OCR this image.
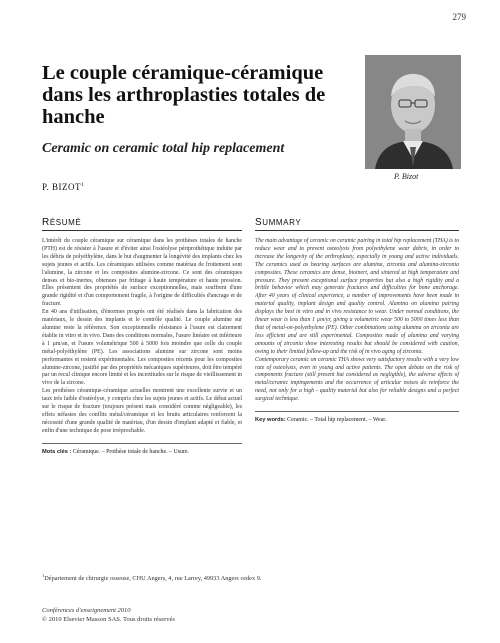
279
Le couple céramique-céramique dans les arthroplasties totales de hanche
Ceramic on ceramic total hip replacement
P. Bizot
P. BIZOT$^1$
RÉSUMÉ

L'intérêt du couple céramique sur céramique dans les prothèses totales de hanche (PTH) est de résister à l'usure et d'éviter ainsi l'ostéolyse périprothétique induite par les débris de polyéthylène, dans le but d'augmenter la longévité des implants chez les sujets jeunes et actifs. Les céramiques utilisées comme matériau de frottement sont l'alumine, la zircone et les composites alumine-zircone. Ce sont des céramiques denses et bio-inertes, obtenues par frittage à haute température et haute pression. Elles présentent des propriétés de surface exceptionnelles, mais souffrent d'une grande rigidité et d'un comportement fragile, à l'origine de difficultés d'ancrage et de fracture.

En 40 ans d'utilisation, d'énormes progrès ont été réalisés dans la fabrication des matériaux, le dessin des implants et le contrôle qualité. Le couple alumine sur alumine reste la référence. Son exceptionnelle résistance à l'usure est clairement établie in vitro et in vivo. Dans des conditions normales, l'usure linéaire est inférieure à 1 µm/an, et l'usure volumétrique 500 à 5000 fois moindre que celle du couple métal-polyéthylène (PE). Les associations alumine sur zircone sont moins performantes et restent expérimentales. Les composites récents pour les composites alumine-zircone, justifié par des propriétés mécaniques supérieures, doit être tempéré par un recul clinique encore limité et les incertitudes sur le risque de vieillissement in vivo de la zircone.

Les prothèses céramique-céramique actuelles montrent une excellente survie et un taux très faible d'ostéolyse, y compris chez les sujets jeunes et actifs. Le débat actuel sur le risque de fracture (toujours présent mais considéré comme négligeable), les effets néfastes des conflits métal/céramique et les bruits articulaires renforcent la nécessité d'une grande qualité de matériau, d'un dessin d'implant adapté et fiable, et enfin d'une technique de pose irréprochable.

Mots clés : Céramique. – Prothèse totale de hanche. – Usure.
SUMMARY

The main advantage of ceramic on ceramic pairing in total hip replacement (THA) is to reduce wear and to prevent osteolysis from polyethylene wear debris, in order to increase the longevity of the arthroplasty, especially in young and active individuals. The ceramics used as bearing surfaces are alumina, zirconia and alumina-zirconia composites. These ceramics are dense, bioinert, and sintered at high temperature and pressure. They present exceptional surface properties but also a high rigidity and a brittle behavior which may generate fractures and difficulties for bone anchorage. After 40 years of clinical experience, a number of improvements have been made in material quality, implant design and quality control. Alumina on alumina pairing displays the best in vitro and in vivo resistance to wear. Under normal conditions, the linear wear is less than 1 µm/yr, giving a volumetric wear 500 to 5000 times less than that of metal-on-polyethylene (PE). Other combinations using alumina on zirconia are less efficient and are still experimental. Composites made of alumina and varying amounts of zirconia show interesting results but should be considered with caution, owing to their limited follow-up and the risk of in vivo aging of zirconia.

Contemporary ceramic on ceramic THA shows very satisfactory results with a very low rate of osteolysis, even in young and active patients. The open debate on the risk of components fracture (still present but considered as negligible), the adverse effects of metal/ceramic impingements and the occurrence of articular noises do reinforce the need, not only for a high - quality material but also for reliable designs and a perfect surgical technique.

Key words: Ceramic. – Total hip replacement. – Wear.
$^1$Département de chirurgie osseuse, CHU Angers, 4, rue Larrey, 49933 Angers cedex 9.
Conférences d'enseignement 2010
© 2010 Elsevier Masson SAS. Tous droits réservés
